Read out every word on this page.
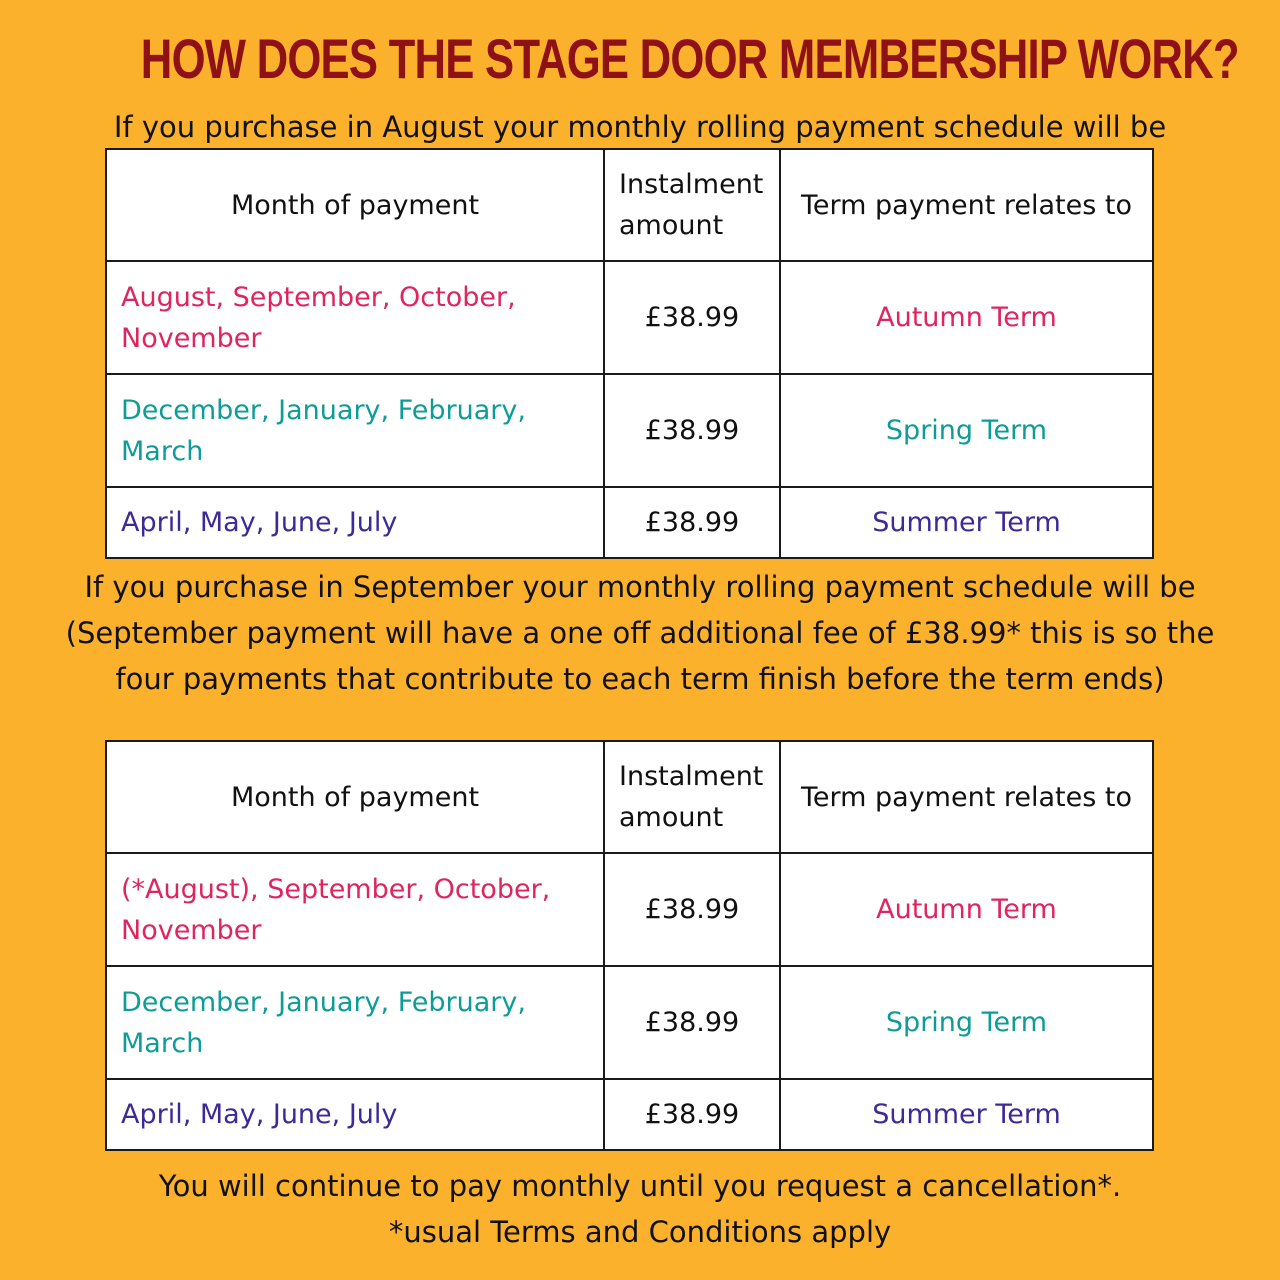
HOW DOES THE STAGE DOOR MEMBERSHIP WORK?
If you purchase in August your monthly rolling payment schedule will be
Month of payment	Instalment amount	Term payment relates to
August, September, October, November	£38.99	Autumn Term
December, January, February, March	£38.99	Spring Term
April, May, June, July	£38.99	Summer Term
If you purchase in September your monthly rolling payment schedule will be
(September payment will have a one off additional fee of £38.99* this is so the
four payments that contribute to each term finish before the term ends)
Month of payment	Instalment amount	Term payment relates to
(*August), September, October, November	£38.99	Autumn Term
December, January, February, March	£38.99	Spring Term
April, May, June, July	£38.99	Summer Term
You will continue to pay monthly until you request a cancellation*.
*usual Terms and Conditions apply
